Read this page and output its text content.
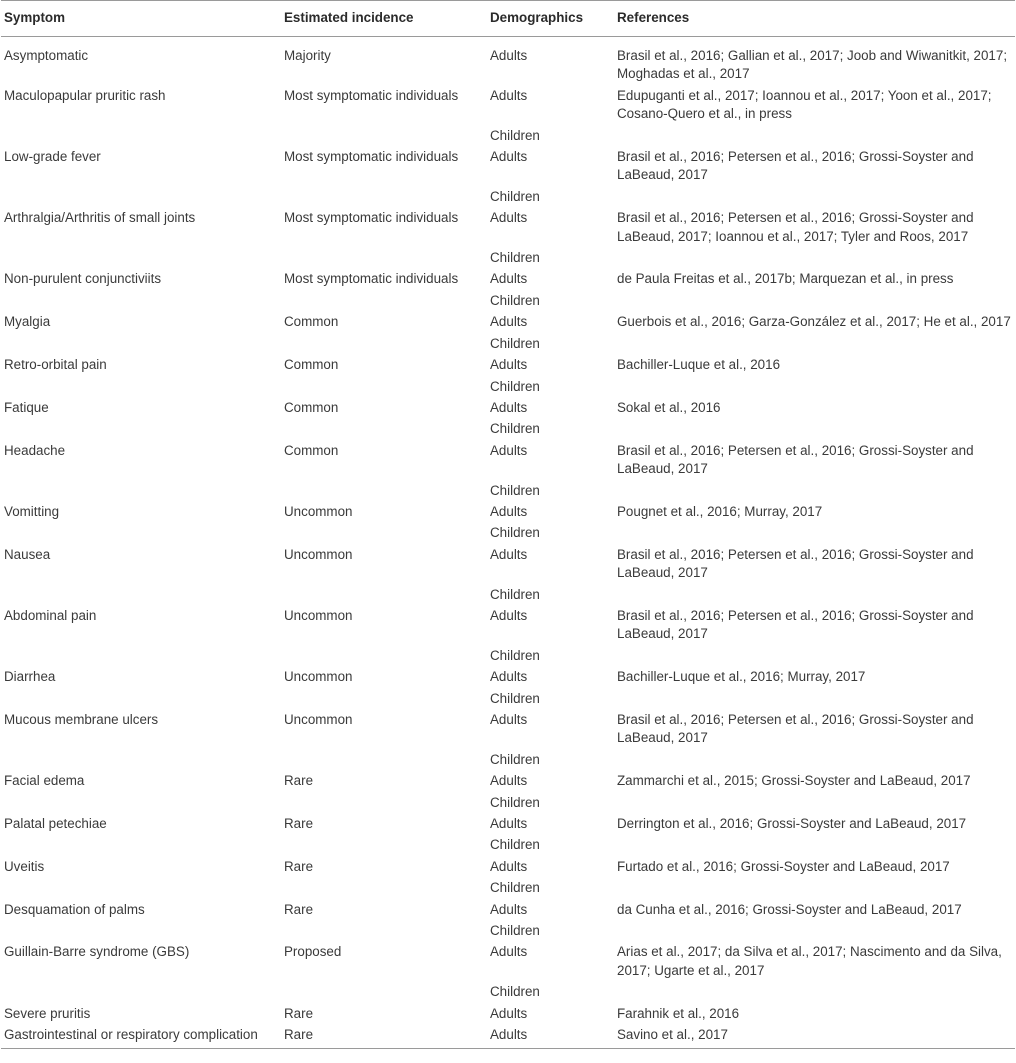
Symptom	Estimated incidence	Demographics	References
Asymptomatic	Majority	Adults	Brasil et al., 2016; Gallian et al., 2017; Joob and Wiwanitkit, 2017; Moghadas et al., 2017
Maculopapular pruritic rash	Most symptomatic individuals	Adults	Edupuganti et al., 2017; Ioannou et al., 2017; Yoon et al., 2017; Cosano-Quero et al., in press
		Children	
Low-grade fever	Most symptomatic individuals	Adults	Brasil et al., 2016; Petersen et al., 2016; Grossi-Soyster and LaBeaud, 2017
		Children	
Arthralgia/Arthritis of small joints	Most symptomatic individuals	Adults	Brasil et al., 2016; Petersen et al., 2016; Grossi-Soyster and LaBeaud, 2017; Ioannou et al., 2017; Tyler and Roos, 2017
		Children	
Non-purulent conjunctiviits	Most symptomatic individuals	Adults	de Paula Freitas et al., 2017b; Marquezan et al., in press
		Children	
Myalgia	Common	Adults	Guerbois et al., 2016; Garza-González et al., 2017; He et al., 2017
		Children	
Retro-orbital pain	Common	Adults	Bachiller-Luque et al., 2016
		Children	
Fatique	Common	Adults	Sokal et al., 2016
		Children	
Headache	Common	Adults	Brasil et al., 2016; Petersen et al., 2016; Grossi-Soyster and LaBeaud, 2017
		Children	
Vomitting	Uncommon	Adults	Pougnet et al., 2016; Murray, 2017
		Children	
Nausea	Uncommon	Adults	Brasil et al., 2016; Petersen et al., 2016; Grossi-Soyster and LaBeaud, 2017
		Children	
Abdominal pain	Uncommon	Adults	Brasil et al., 2016; Petersen et al., 2016; Grossi-Soyster and LaBeaud, 2017
		Children	
Diarrhea	Uncommon	Adults	Bachiller-Luque et al., 2016; Murray, 2017
		Children	
Mucous membrane ulcers	Uncommon	Adults	Brasil et al., 2016; Petersen et al., 2016; Grossi-Soyster and LaBeaud, 2017
		Children	
Facial edema	Rare	Adults	Zammarchi et al., 2015; Grossi-Soyster and LaBeaud, 2017
		Children	
Palatal petechiae	Rare	Adults	Derrington et al., 2016; Grossi-Soyster and LaBeaud, 2017
		Children	
Uveitis	Rare	Adults	Furtado et al., 2016; Grossi-Soyster and LaBeaud, 2017
		Children	
Desquamation of palms	Rare	Adults	da Cunha et al., 2016; Grossi-Soyster and LaBeaud, 2017
		Children	
Guillain-Barre syndrome (GBS)	Proposed	Adults	Arias et al., 2017; da Silva et al., 2017; Nascimento and da Silva, 2017; Ugarte et al., 2017
		Children	
Severe pruritis	Rare	Adults	Farahnik et al., 2016
Gastrointestinal or respiratory complication	Rare	Adults	Savino et al., 2017
